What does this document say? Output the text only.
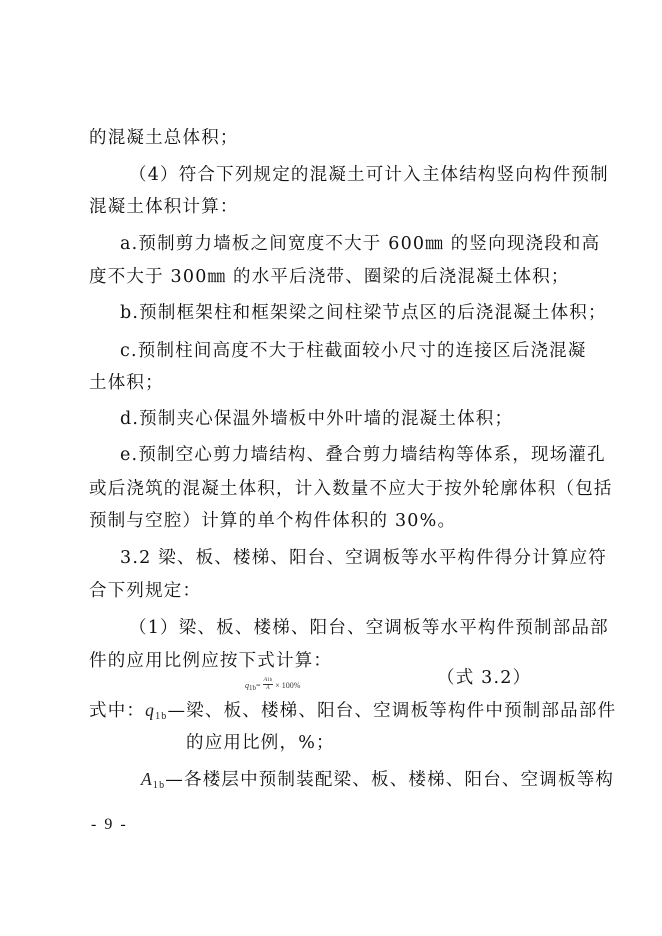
的混凝土总体积；
（4）符合下列规定的混凝土可计入主体结构竖向构件预制
混凝土体积计算：
a.预制剪力墙板之间宽度不大于 600㎜ 的竖向现浇段和高
度不大于 300㎜ 的水平后浇带、圈梁的后浇混凝土体积；
b.预制框架柱和框架梁之间柱梁节点区的后浇混凝土体积；
c.预制柱间高度不大于柱截面较小尺寸的连接区后浇混凝
土体积；
d.预制夹心保温外墙板中外叶墙的混凝土体积；
e.预制空心剪力墙结构、叠合剪力墙结构等体系，现场灌孔
或后浇筑的混凝土体积，计入数量不应大于按外轮廓体积（包括
预制与空腔）计算的单个构件体积的 30%。
3.2 梁、板、楼梯、阳台、空调板等水平构件得分计算应符
合下列规定：
（1）梁、板、楼梯、阳台、空调板等水平构件预制部品部
件的应用比例应按下式计算：
$q_{1b}= \frac{A1b}{A} \times 100\%$	（式 3.2）
式中：q1b—梁、板、楼梯、阳台、空调板等构件中预制部品部件
的应用比例，%；
A1b—各楼层中预制装配梁、板、楼梯、阳台、空调板等构
- 9 -
